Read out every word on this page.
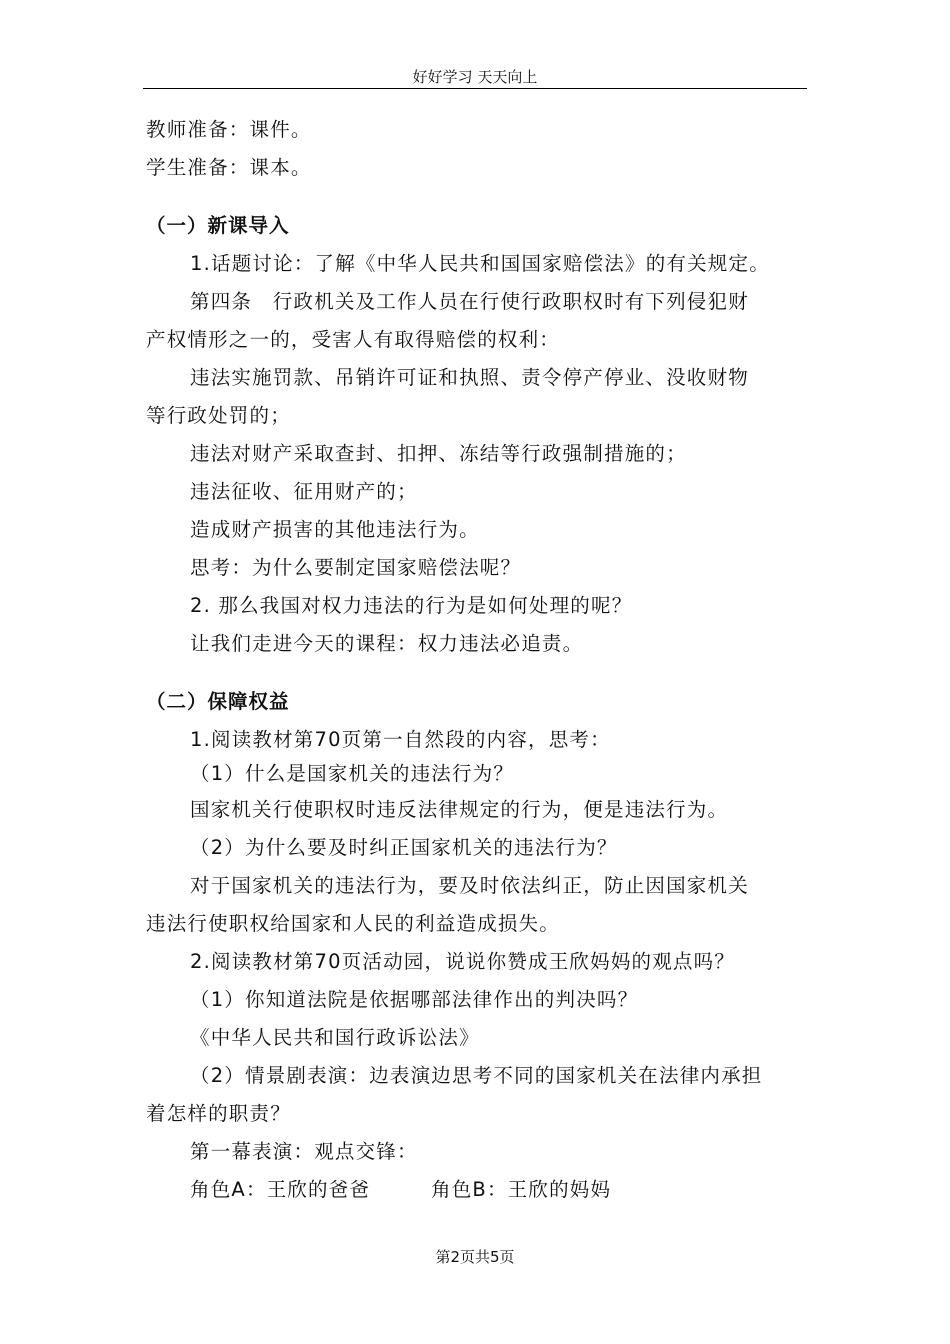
好好学习 天天向上
教师准备：课件。
学生准备：课本。
（一）新课导入
1.话题讨论：了解《中华人民共和国国家赔偿法》的有关规定。
第四条　行政机关及工作人员在行使行政职权时有下列侵犯财
产权情形之一的，受害人有取得赔偿的权利：
违法实施罚款、吊销许可证和执照、责令停产停业、没收财物
等行政处罚的；
违法对财产采取查封、扣押、冻结等行政强制措施的；
违法征收、征用财产的；
造成财产损害的其他违法行为。
思考：为什么要制定国家赔偿法呢？
2. 那么我国对权力违法的行为是如何处理的呢？
让我们走进今天的课程：权力违法必追责。
（二）保障权益
1.阅读教材第70页第一自然段的内容，思考：
（1）什么是国家机关的违法行为？
国家机关行使职权时违反法律规定的行为，便是违法行为。
（2）为什么要及时纠正国家机关的违法行为？
对于国家机关的违法行为，要及时依法纠正，防止因国家机关
违法行使职权给国家和人民的利益造成损失。
2.阅读教材第70页活动园，说说你赞成王欣妈妈的观点吗？
（1）你知道法院是依据哪部法律作出的判决吗？
《中华人民共和国行政诉讼法》
（2）情景剧表演：边表演边思考不同的国家机关在法律内承担
着怎样的职责？
第一幕表演：观点交锋：
角色A：王欣的爸爸	角色B：王欣的妈妈
第2页共5页
